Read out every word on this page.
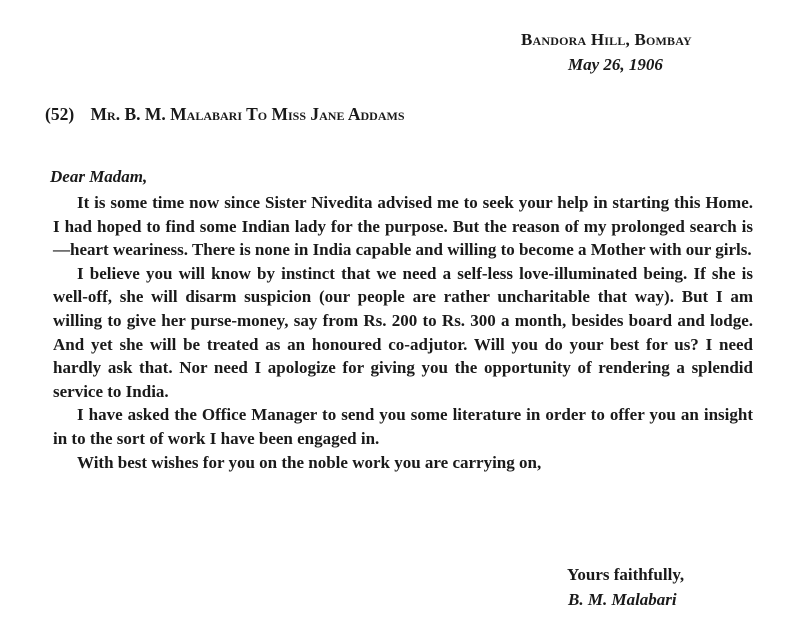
Bandora Hill, Bombay
May 26, 1906
(52) Mr. B. M. Malabari To Miss Jane Addams
Dear Madam,

It is some time now since Sister Nivedita advised me to seek your help in starting this Home. I had hoped to find some Indian lady for the purpose. But the reason of my prolonged search is—heart weariness. There is none in India capable and willing to become a Mother with our girls.

I believe you will know by instinct that we need a self-less love-illuminated being. If she is well-off, she will disarm suspicion (our people are rather uncharitable that way). But I am willing to give her purse-money, say from Rs. 200 to Rs. 300 a month, besides board and lodge. And yet she will be treated as an honoured co-adjutor. Will you do your best for us? I need hardly ask that. Nor need I apologize for giving you the opportunity of rendering a splendid service to India.

I have asked the Office Manager to send you some literature in order to offer you an insight in to the sort of work I have been engaged in.

With best wishes for you on the noble work you are carrying on,

Yours faithfully,
B. M. Malabari
